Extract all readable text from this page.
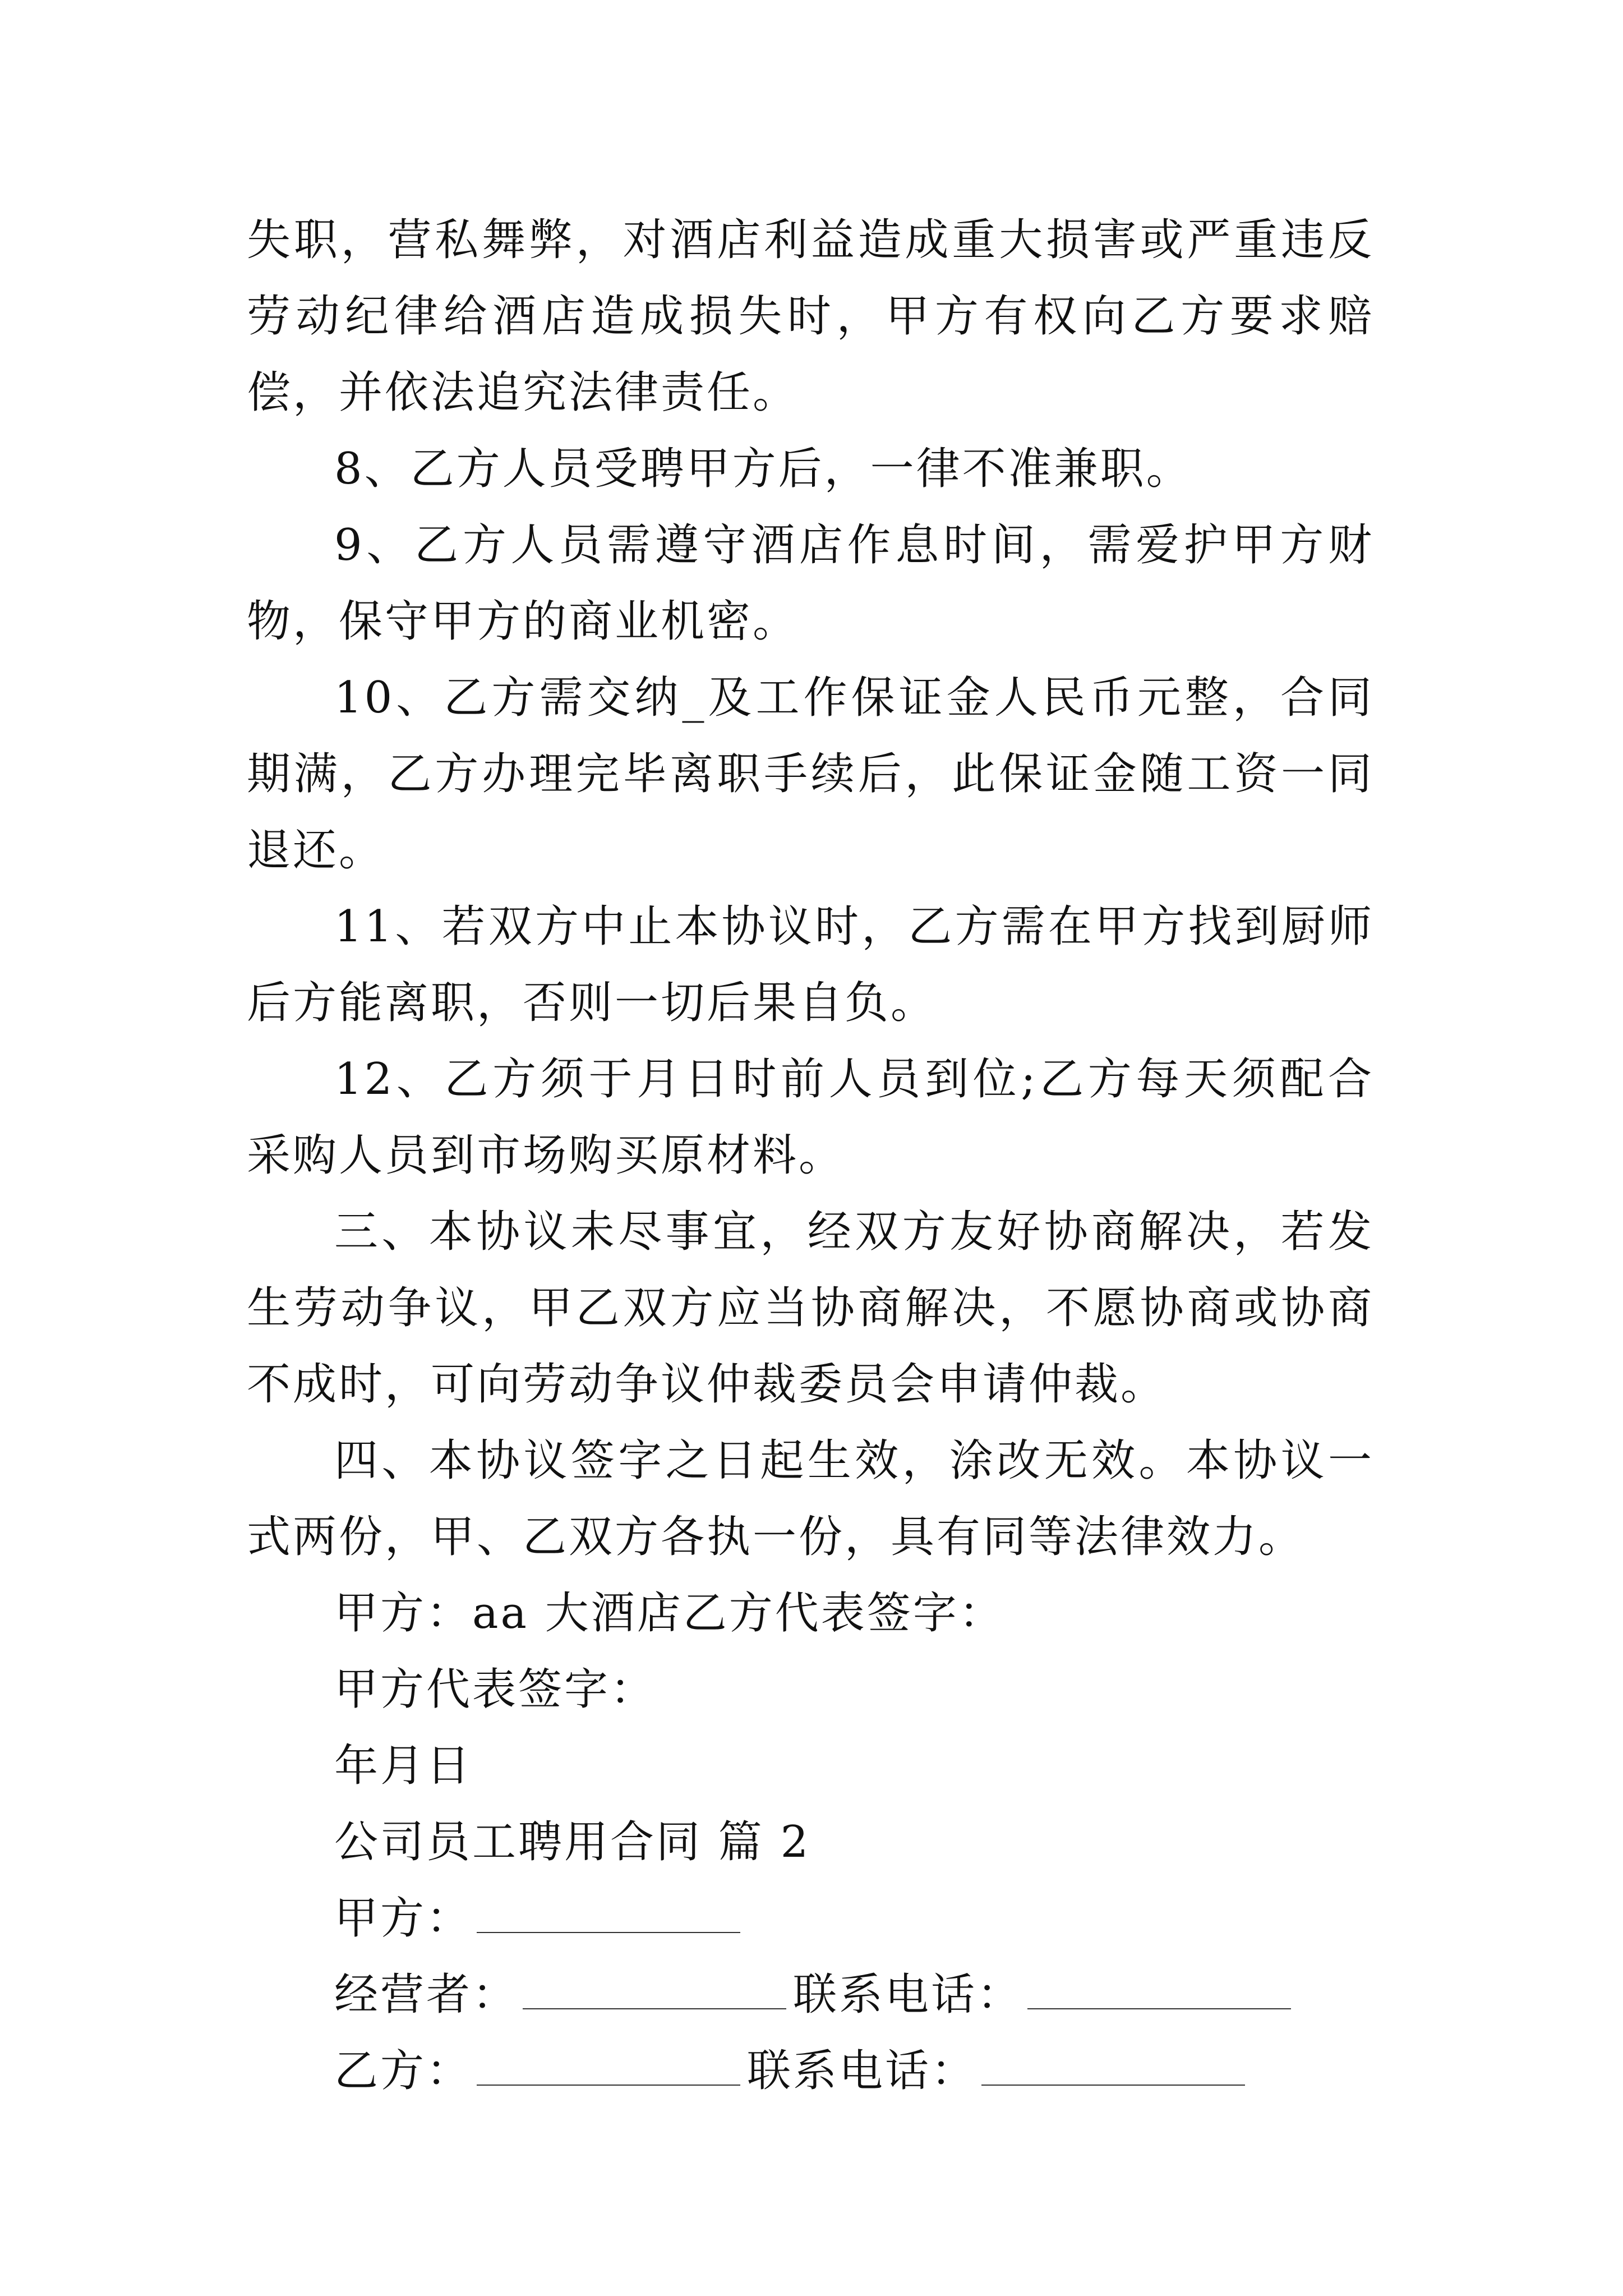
失职，营私舞弊，对酒店利益造成重大损害或严重违反劳动纪律给酒店造成损失时，甲方有权向乙方要求赔偿，并依法追究法律责任。

8、乙方人员受聘甲方后，一律不准兼职。

9、乙方人员需遵守酒店作息时间，需爱护甲方财物，保守甲方的商业机密。

10、乙方需交纳_及工作保证金人民币元整，合同期满，乙方办理完毕离职手续后，此保证金随工资一同退还。

11、若双方中止本协议时，乙方需在甲方找到厨师后方能离职，否则一切后果自负。

12、乙方须于月日时前人员到位;乙方每天须配合采购人员到市场购买原材料。

三、本协议未尽事宜，经双方友好协商解决，若发生劳动争议，甲乙双方应当协商解决，不愿协商或协商不成时，可向劳动争议仲裁委员会申请仲裁。

四、本协议签字之日起生效，涂改无效。本协议一式两份，甲、乙双方各执一份，具有同等法律效力。

甲方：aa 大酒店乙方代表签字：

甲方代表签字：

年月日

公司员工聘用合同 篇 2

甲方：

经营者：	联系电话：

乙方：	联系电话：
